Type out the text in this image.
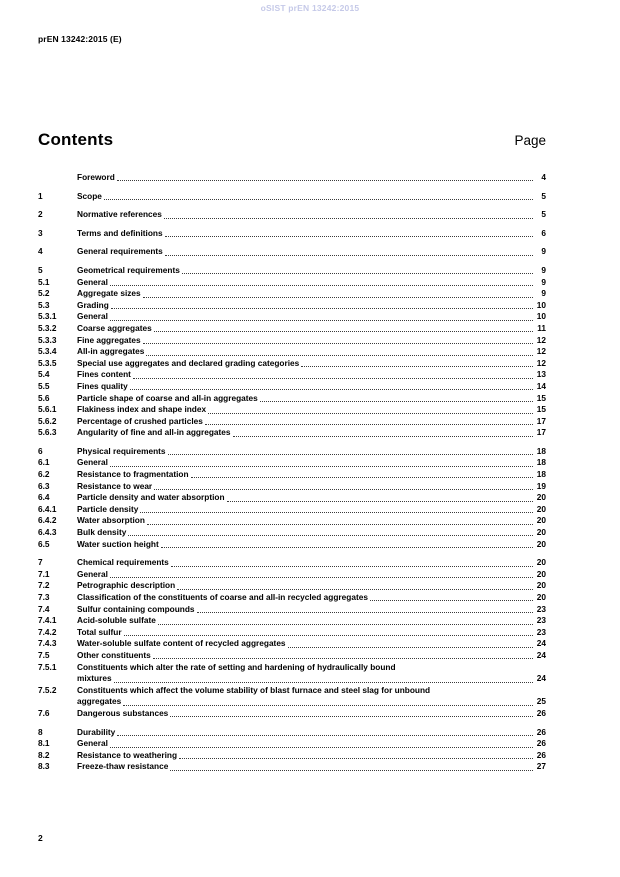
oSIST prEN 13242:2015
prEN 13242:2015 (E)
Contents	Page
Foreword	4
1	Scope	5
2	Normative references	5
3	Terms and definitions	6
4	General requirements	9
5	Geometrical requirements	9
5.1	General	9
5.2	Aggregate sizes	9
5.3	Grading	10
5.3.1	General	10
5.3.2	Coarse aggregates	11
5.3.3	Fine aggregates	12
5.3.4	All-in aggregates	12
5.3.5	Special use aggregates and declared grading categories	12
5.4	Fines content	13
5.5	Fines quality	14
5.6	Particle shape of coarse and all-in aggregates	15
5.6.1	Flakiness index and shape index	15
5.6.2	Percentage of crushed particles	17
5.6.3	Angularity of fine and all-in aggregates	17
6	Physical requirements	18
6.1	General	18
6.2	Resistance to fragmentation	18
6.3	Resistance to wear	19
6.4	Particle density and water absorption	20
6.4.1	Particle density	20
6.4.2	Water absorption	20
6.4.3	Bulk density	20
6.5	Water suction height	20
7	Chemical requirements	20
7.1	General	20
7.2	Petrographic description	20
7.3	Classification of the constituents of coarse and all-in recycled aggregates	20
7.4	Sulfur containing compounds	23
7.4.1	Acid-soluble sulfate	23
7.4.2	Total sulfur	23
7.4.3	Water-soluble sulfate content of recycled aggregates	24
7.5	Other constituents	24
7.5.1	Constituents which alter the rate of setting and hardening of hydraulically bound
mixtures	24
7.5.2	Constituents which affect the volume stability of blast furnace and steel slag for unbound
aggregates	25
7.6	Dangerous substances	26
8	Durability	26
8.1	General	26
8.2	Resistance to weathering	26
8.3	Freeze-thaw resistance	27
2
